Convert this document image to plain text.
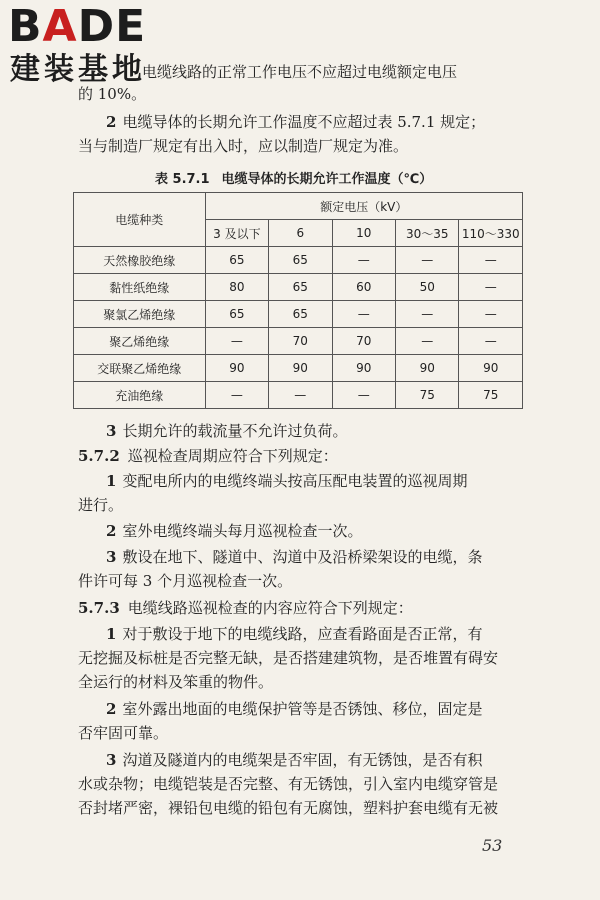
BADE
建装基地
电缆线路的正常工作电压不应超过电缆额定电压
的 10%。
2 电缆导体的长期允许工作温度不应超过表 5.7.1 规定；
当与制造厂规定有出入时，应以制造厂规定为准。
表 5.7.1 电缆导体的长期允许工作温度（℃）
电缆种类	额定电压（kV）				
	3 及以下	6	10	30～35	110～330
天然橡胶绝缘	65	65	—	—	—
黏性纸绝缘	80	65	60	50	—
聚氯乙烯绝缘	65	65	—	—	—
聚乙烯绝缘	—	70	70	—	—
交联聚乙烯绝缘	90	90	90	90	90
充油绝缘	—	—	—	75	75
3 长期允许的载流量不允许过负荷。
5.7.2 巡视检查周期应符合下列规定：
1 变配电所内的电缆终端头按高压配电装置的巡视周期
进行。
2 室外电缆终端头每月巡视检查一次。
3 敷设在地下、隧道中、沟道中及沿桥梁架设的电缆，条
件许可每 3 个月巡视检查一次。
5.7.3 电缆线路巡视检查的内容应符合下列规定：
1 对于敷设于地下的电缆线路，应查看路面是否正常，有
无挖掘及标桩是否完整无缺，是否搭建建筑物，是否堆置有碍安
全运行的材料及笨重的物件。
2 室外露出地面的电缆保护管等是否锈蚀、移位，固定是
否牢固可靠。
3 沟道及隧道内的电缆架是否牢固，有无锈蚀，是否有积
水或杂物；电缆铠装是否完整、有无锈蚀，引入室内电缆穿管是
否封堵严密，裸铅包电缆的铅包有无腐蚀，塑料护套电缆有无被
53
